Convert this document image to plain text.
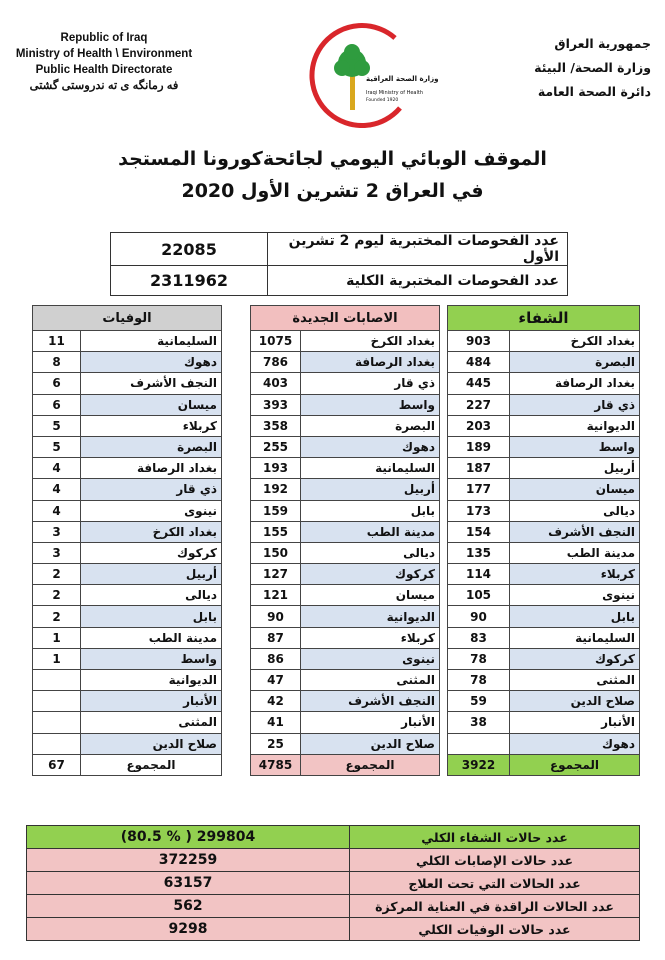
Republic of Iraq
Ministry of Health \ Environment
Public Health Directorate
فه رمانگه ى ته ندروستى گشتى
وزارة الصحة العراقية
Iraqi Ministry of Health
Founded 1920
جمهورية العراق
وزارة الصحة/ البيئة
دائرة الصحة العامة
الموقف الوبائي اليومي لجائحةكورونا المستجد
في العراق 2 تشرين الأول 2020
22085	عدد الفحوصات المختبرية ليوم 2 تشرين الأول
2311962	عدد الفحوصات المختبرية الكلية
الوفيات	
11	السليمانية
8	دهوك
6	النجف الأشرف
6	ميسان
5	كربلاء
5	البصرة
4	بغداد الرصافة
4	ذي قار
4	نينوى
3	بغداد الكرخ
3	كركوك
2	أربيل
2	ديالى
2	بابل
1	مدينة الطب
1	واسط
	الديوانية
	الأنبار
	المثنى
	صلاح الدين
67	المجموع
الاصابات الجديدة	
1075	بغداد الكرخ
786	بغداد الرصافة
403	ذي قار
393	واسط
358	البصرة
255	دهوك
193	السليمانية
192	أربيل
159	بابل
155	مدينة الطب
150	ديالى
127	كركوك
121	ميسان
90	الديوانية
87	كربلاء
86	نينوى
47	المثنى
42	النجف الأشرف
41	الأنبار
25	صلاح الدين
4785	المجموع
الشفاء	
903	بغداد الكرخ
484	البصرة
445	بغداد الرصافة
227	ذي قار
203	الديوانية
189	واسط
187	أربيل
177	ميسان
173	ديالى
154	النجف الأشرف
135	مدينة الطب
114	كربلاء
105	نينوى
90	بابل
83	السليمانية
78	كركوك
78	المثنى
59	صلاح الدين
38	الأنبار
	دهوك
3922	المجموع
(80.5 % ) 299804	عدد حالات الشفاء الكلي
372259	عدد حالات الإصابات الكلي
63157	عدد الحالات التي تحت العلاج
562	عدد الحالات الراقدة في العناية المركزة
9298	عدد حالات الوفيات الكلي
